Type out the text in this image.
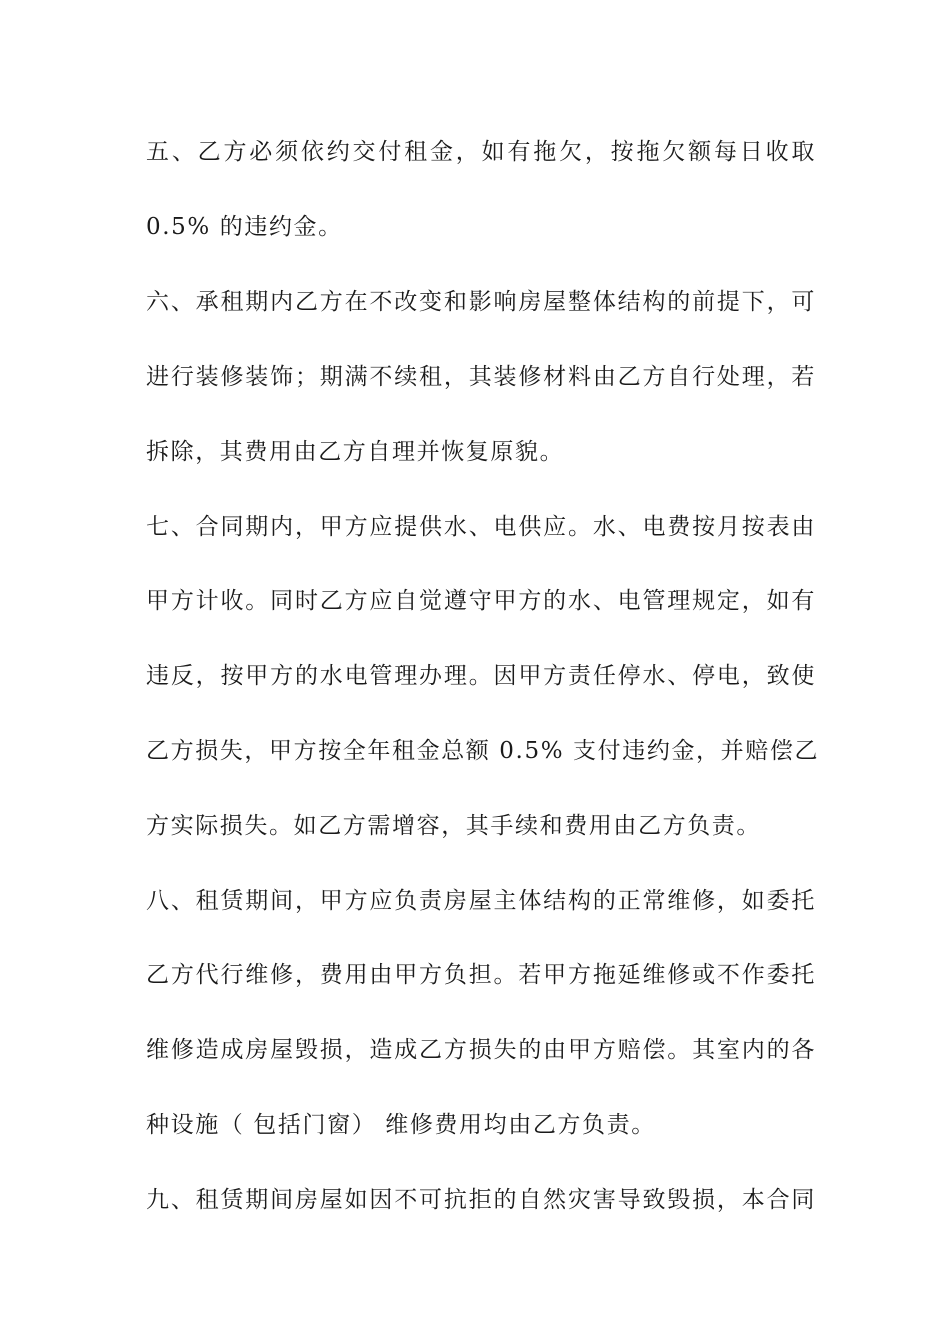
五、乙方必须依约交付租金，如有拖欠，按拖欠额每日收取
0.5% 的违约金。
六、承租期内乙方在不改变和影响房屋整体结构的前提下，可
进行装修装饰；期满不续租，其装修材料由乙方自行处理，若
拆除，其费用由乙方自理并恢复原貌。
七、合同期内，甲方应提供水、电供应。水、电费按月按表由
甲方计收。同时乙方应自觉遵守甲方的水、电管理规定，如有
违反，按甲方的水电管理办理。因甲方责任停水、停电，致使
乙方损失，甲方按全年租金总额 0.5% 支付违约金，并赔偿乙
方实际损失。如乙方需增容，其手续和费用由乙方负责。
八、租赁期间，甲方应负责房屋主体结构的正常维修，如委托
乙方代行维修，费用由甲方负担。若甲方拖延维修或不作委托
维修造成房屋毁损，造成乙方损失的由甲方赔偿。其室内的各
种设施（ 包括门窗） 维修费用均由乙方负责。
九、租赁期间房屋如因不可抗拒的自然灾害导致毁损，本合同
